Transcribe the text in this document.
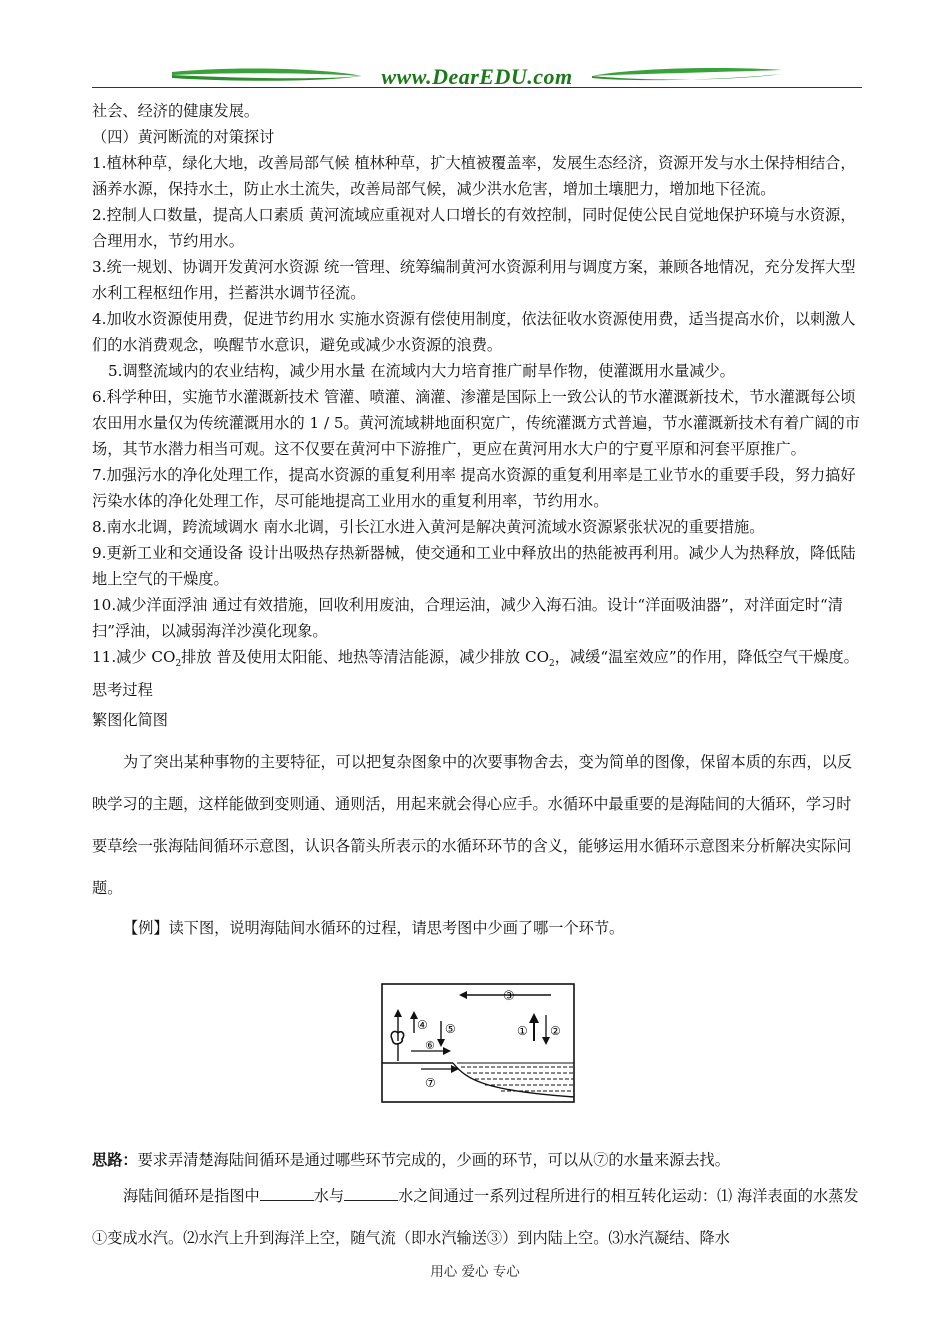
www.DearEDU.com
社会、经济的健康发展。
（四）黄河断流的对策探讨
1.植林种草，绿化大地，改善局部气候 植林种草，扩大植被覆盖率，发展生态经济，资源开发与水土保持相结合，涵养水源，保持水土，防止水土流失，改善局部气候，减少洪水危害，增加土壤肥力，增加地下径流。
2.控制人口数量，提高人口素质 黄河流域应重视对人口增长的有效控制，同时促使公民自觉地保护环境与水资源，合理用水，节约用水。
3.统一规划、协调开发黄河水资源 统一管理、统筹编制黄河水资源利用与调度方案，兼顾各地情况，充分发挥大型水利工程枢纽作用，拦蓄洪水调节径流。
4.加收水资源使用费，促进节约用水 实施水资源有偿使用制度，依法征收水资源使用费，适当提高水价，以刺激人们的水消费观念，唤醒节水意识，避免或减少水资源的浪费。
5.调整流域内的农业结构，减少用水量 在流域内大力培育推广耐旱作物，使灌溉用水量减少。
6.科学种田，实施节水灌溉新技术 管灌、喷灌、滴灌、渗灌是国际上一致公认的节水灌溉新技术，节水灌溉每公顷农田用水量仅为传统灌溉用水的 1 / 5。黄河流域耕地面积宽广，传统灌溉方式普遍，节水灌溉新技术有着广阔的市场，其节水潜力相当可观。这不仅要在黄河中下游推广，更应在黄河用水大户的宁夏平原和河套平原推广。
7.加强污水的净化处理工作，提高水资源的重复利用率 提高水资源的重复利用率是工业节水的重要手段，努力搞好污染水体的净化处理工作，尽可能地提高工业用水的重复利用率，节约用水。
8.南水北调，跨流域调水 南水北调，引长江水进入黄河是解决黄河流域水资源紧张状况的重要措施。
9.更新工业和交通设备 设计出吸热存热新器械，使交通和工业中释放出的热能被再利用。减少人为热释放，降低陆地上空气的干燥度。
10.减少洋面浮油 通过有效措施，回收利用废油，合理运油，减少入海石油。设计“洋面吸油器”，对洋面定时“清扫”浮油，以减弱海洋沙漠化现象。
11.减少 $CO_2$排放 普及使用太阳能、地热等清洁能源，减少排放 $CO_2$，减缓“温室效应”的作用，降低空气干燥度。
思考过程
繁图化简图

为了突出某种事物的主要特征，可以把复杂图象中的次要事物舍去，变为简单的图像，保留本质的东西，以反映学习的主题，这样能做到变则通、通则活，用起来就会得心应手。水循环中最重要的是海陆间的大循环，学习时要草绘一张海陆间循环示意图，认识各箭头所表示的水循环环节的含义，能够运用水循环示意图来分析解决实际问题。

【例】读下图，说明海陆间水循环的过程，请思考图中少画了哪一个环节。
③
④ ⑤	① ②
⑥
⑦
思路：要求弄清楚海陆间循环是通过哪些环节完成的，少画的环节，可以从⑦的水量来源去找。

海陆间循环是指图中	水与	水之间通过一系列过程所进行的相互转化运动：⑴ 海洋表面的水蒸发①变成水汽。⑵水汽上升到海洋上空，随气流（即水汽输送③）到内陆上空。⑶水汽凝结、降水

用心 爱心 专心
